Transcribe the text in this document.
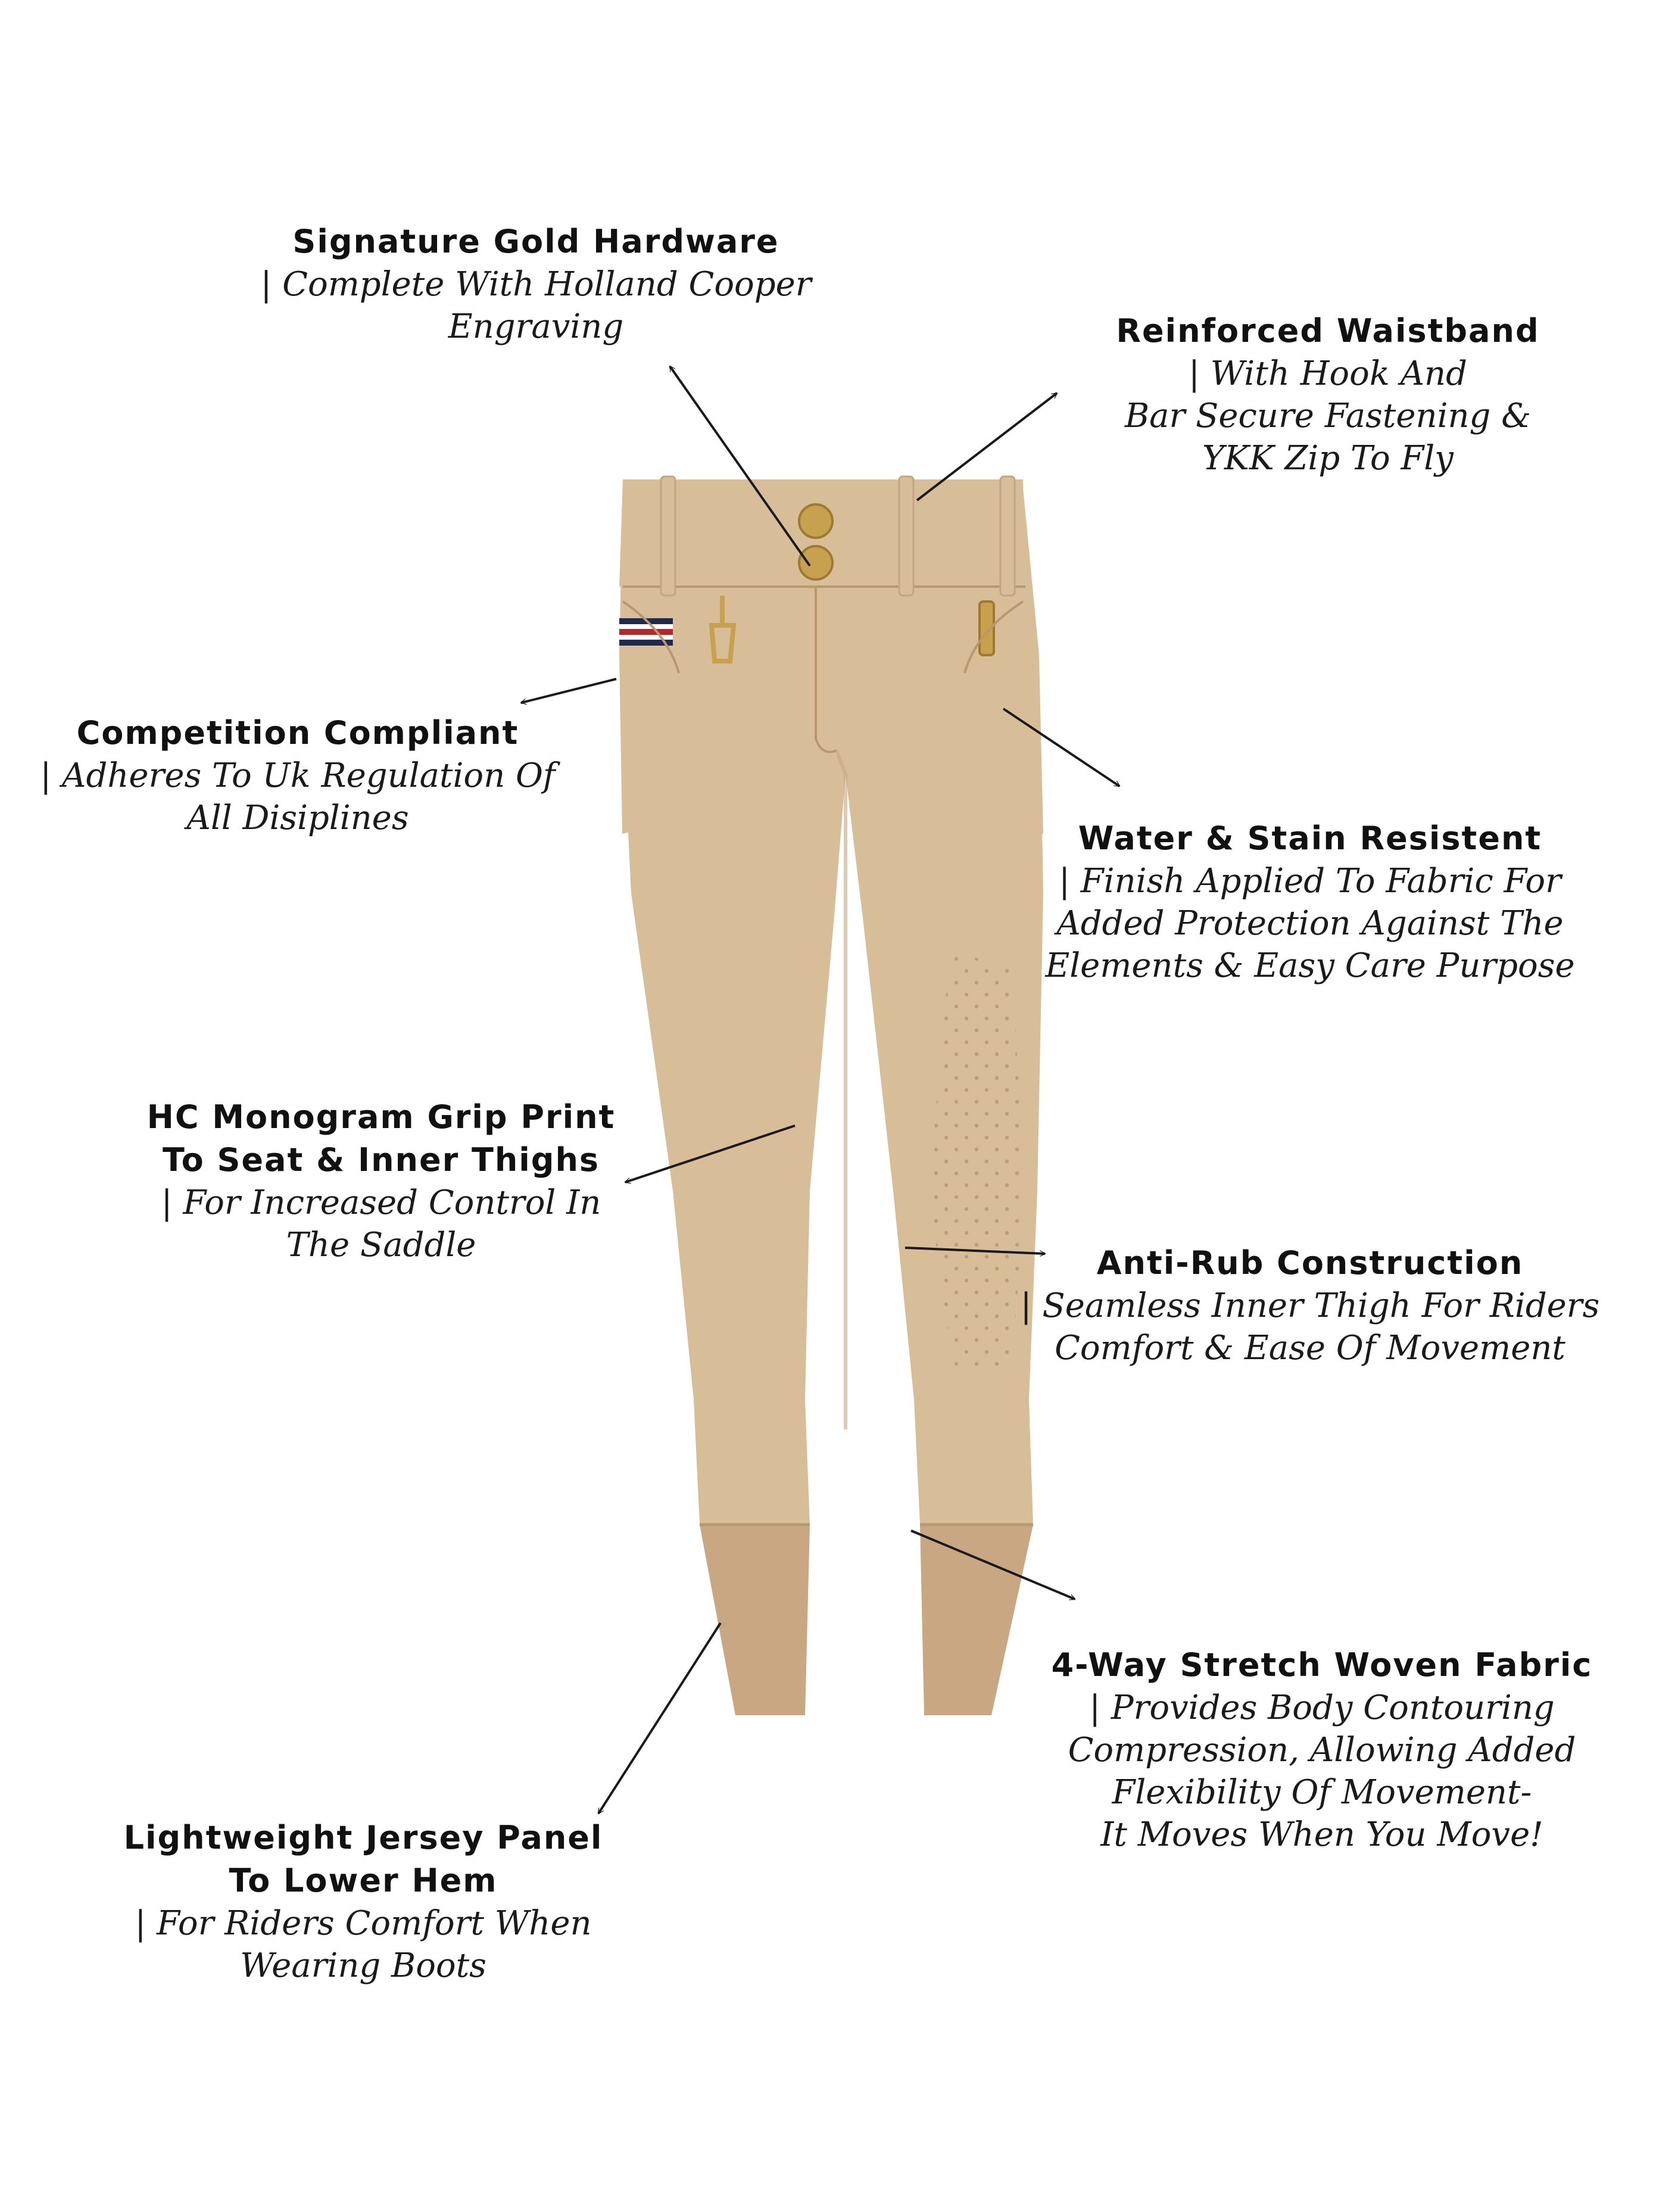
Signature Gold Hardware
| Complete With Holland Cooper
Engraving	Reinforced Waistband
| With Hook And
Bar Secure Fastening &
YKK Zip To Fly
Competition Compliant
| Adheres To Uk Regulation Of
All Disiplines
Water & Stain Resistent
| Finish Applied To Fabric For
Added Protection Against The
Elements & Easy Care Purpose
HC Monogram Grip Print
To Seat & Inner Thighs
| For Increased Control In
The Saddle	Anti-Rub Construction
| Seamless Inner Thigh For Riders
Comfort & Ease Of Movement
4-Way Stretch Woven Fabric
| Provides Body Contouring
Compression, Allowing Added
Flexibility Of Movement-
It Moves When You Move!
Lightweight Jersey Panel
To Lower Hem
| For Riders Comfort When
Wearing Boots
